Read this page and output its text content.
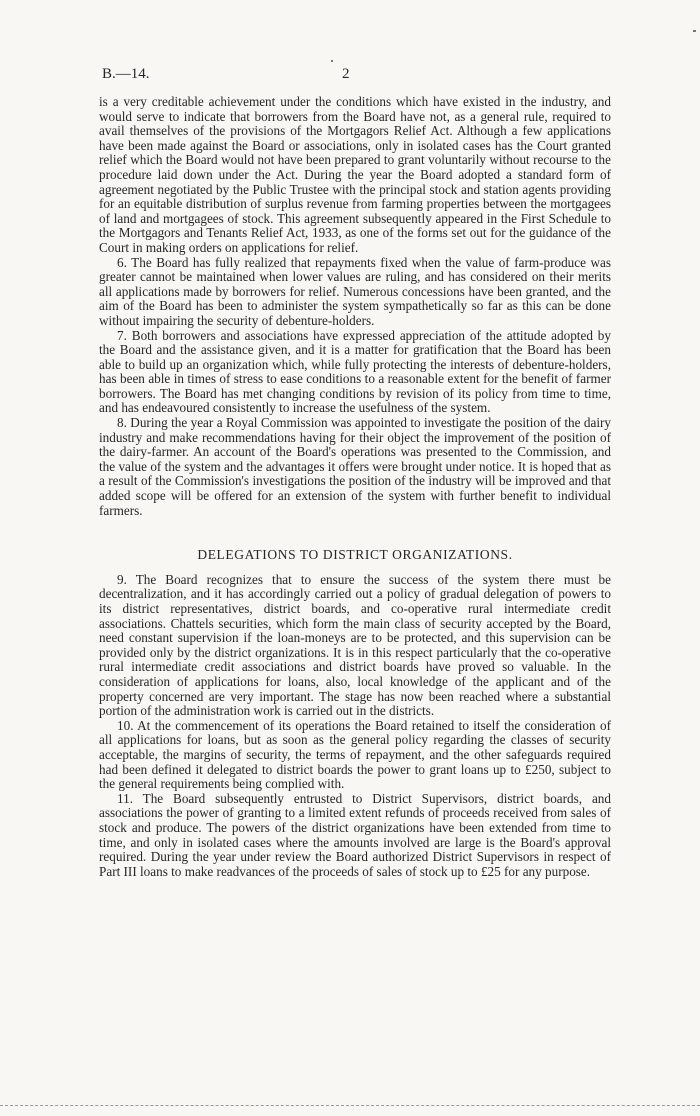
B.—14.	2

is a very creditable achievement under the conditions which have existed in the industry, and would serve to indicate that borrowers from the Board have not, as a general rule, required to avail themselves of the provisions of the Mortgagors Relief Act. Although a few applications have been made against the Board or associations, only in isolated cases has the Court granted relief which the Board would not have been prepared to grant voluntarily without recourse to the procedure laid down under the Act. During the year the Board adopted a standard form of agreement negotiated by the Public Trustee with the principal stock and station agents providing for an equitable distribution of surplus revenue from farming properties between the mortgagees of land and mortgagees of stock. This agreement subsequently appeared in the First Schedule to the Mortgagors and Tenants Relief Act, 1933, as one of the forms set out for the guidance of the Court in making orders on applications for relief.

6. The Board has fully realized that repayments fixed when the value of farm-produce was greater cannot be maintained when lower values are ruling, and has considered on their merits all applications made by borrowers for relief. Numerous concessions have been granted, and the aim of the Board has been to administer the system sympathetically so far as this can be done without impairing the security of debenture-holders.

7. Both borrowers and associations have expressed appreciation of the attitude adopted by the Board and the assistance given, and it is a matter for gratification that the Board has been able to build up an organization which, while fully protecting the interests of debenture-holders, has been able in times of stress to ease conditions to a reasonable extent for the benefit of farmer borrowers. The Board has met changing conditions by revision of its policy from time to time, and has endeavoured consistently to increase the usefulness of the system.

8. During the year a Royal Commission was appointed to investigate the position of the dairy industry and make recommendations having for their object the improvement of the position of the dairy-farmer. An account of the Board's operations was presented to the Commission, and the value of the system and the advantages it offers were brought under notice. It is hoped that as a result of the Commission's investigations the position of the industry will be improved and that added scope will be offered for an extension of the system with further benefit to individual farmers.

DELEGATIONS TO DISTRICT ORGANIZATIONS.

9. The Board recognizes that to ensure the success of the system there must be decentralization, and it has accordingly carried out a policy of gradual delegation of powers to its district representatives, district boards, and co-operative rural intermediate credit associations. Chattels securities, which form the main class of security accepted by the Board, need constant supervision if the loan-moneys are to be protected, and this supervision can be provided only by the district organizations. It is in this respect particularly that the co-operative rural intermediate credit associations and district boards have proved so valuable. In the consideration of applications for loans, also, local knowledge of the applicant and of the property concerned are very important. The stage has now been reached where a substantial portion of the administration work is carried out in the districts.

10. At the commencement of its operations the Board retained to itself the consideration of all applications for loans, but as soon as the general policy regarding the classes of security acceptable, the margins of security, the terms of repayment, and the other safeguards required had been defined it delegated to district boards the power to grant loans up to £250, subject to the general requirements being complied with.

11. The Board subsequently entrusted to District Supervisors, district boards, and associations the power of granting to a limited extent refunds of proceeds received from sales of stock and produce. The powers of the district organizations have been extended from time to time, and only in isolated cases where the amounts involved are large is the Board's approval required. During the year under review the Board authorized District Supervisors in respect of Part III loans to make readvances of the proceeds of sales of stock up to £25 for any purpose.
